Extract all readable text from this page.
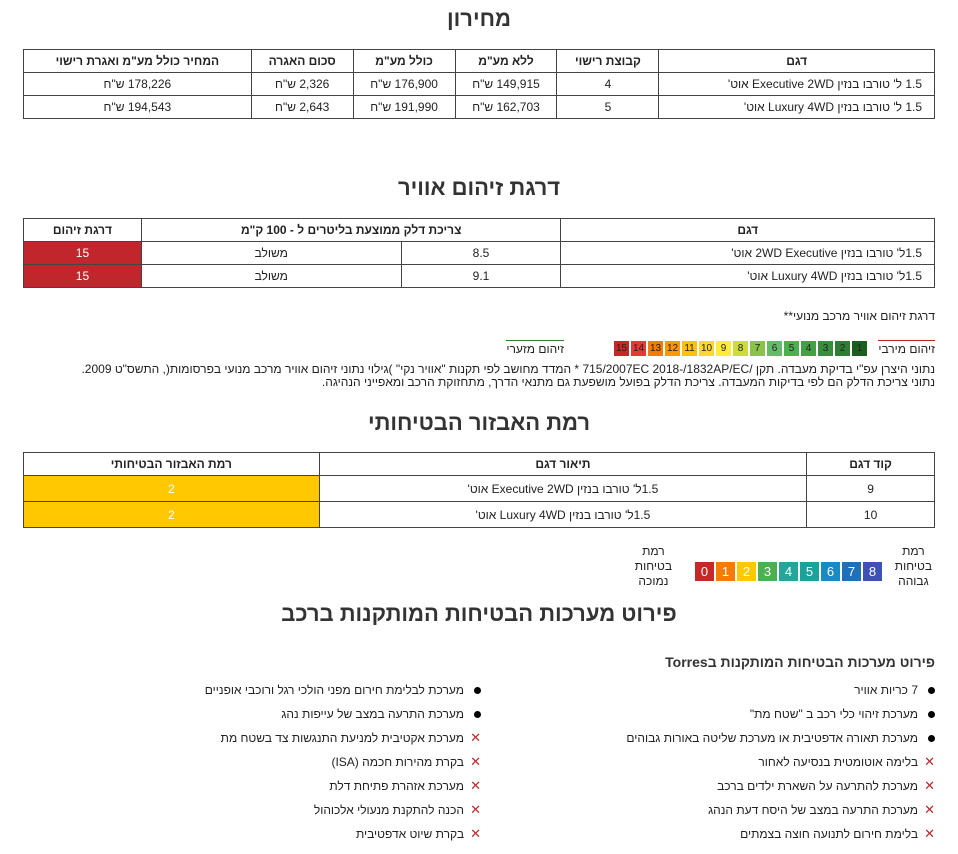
מחירון
דגם	קבוצת רישוי	ללא מע"מ	כולל מע"מ	סכום האגרה	המחיר כולל מע"מ ואגרת רישוי
1.5 ל' טורבו בנזין Executive 2WD אוט'	4	149,915 ש"ח	176,900 ש"ח	2,326 ש"ח	178,226 ש"ח
1.5 ל' טורבו בנזין Luxury 4WD אוט'	5	162,703 ש"ח	191,990 ש"ח	2,643 ש"ח	194,543 ש"ח
דרגת זיהום אוויר
דגם	צריכת דלק ממוצעת בליטרים ל - 100 ק"מ		דרגת זיהום
1.5ל' טורבו בנזין 2WD Executive אוט'	8.5	משולב	15
1.5ל' טורבו בנזין Luxury 4WD אוט'	9.1	משולב	15
דרגת זיהום אוויר מרכב מנועי**
זיהום מירבי
1
2
3
4
5
6
7
8
9
10
11
12
13
14
15
זיהום מזערי
נתוני היצרן עפ"י בדיקת מעבדה. תקן /715/2007EC 2018-/1832AP/EC * המדד מחושב לפי תקנות "אוויר נקי" )גילוי נתוני זיהום אוויר מרכב מנועי בפרסומות(, התשס"ט 2009.
נתוני צריכת הדלק הם לפי בדיקות המעבדה. צריכת הדלק בפועל מושפעת גם מתנאי הדרך, מתחזוקת הרכב ומאפייני הנהיגה.
רמת האבזור הבטיחותי
קוד דגם	תיאור דגם	רמת האבזור הבטיחותי
9	1.5ל' טורבו בנזין Executive 2WD אוט'	2
10	1.5ל' טורבו בנזין Luxury 4WD אוט'	2
רמת
בטיחות
גבוהה
8
7
6
5
4
3
2
1
0
רמת
בטיחות
נמוכה
פירוט מערכות הבטיחות המותקנות ברכב
פירוט מערכות הבטיחות המותקנות בTorres
7 כריות אוויר
מערכת זיהוי כלי רכב ב "שטח מת"
מערכת תאורה אדפטיבית או מערכת שליטה באורות גבוהים
✕
בלימה אוטומטית בנסיעה לאחור
✕
מערכת להתרעה על השארת ילדים ברכב
✕
מערכת התרעה במצב של היסח דעת הנהג
✕
בלימת חירום לתנועה חוצה בצמתים
מערכת לבלימת חירום מפני הולכי רגל ורוכבי אופניים
מערכת התרעה במצב של עייפות נהג
✕
מערכת אקטיבית למניעת התנגשות צד בשטח מת
✕
בקרת מהירות חכמה (ISA)
✕
מערכת אזהרת פתיחת דלת
✕
הכנה להתקנת מנעולי אלכוהול
✕
בקרת שיוט אדפטיבית
